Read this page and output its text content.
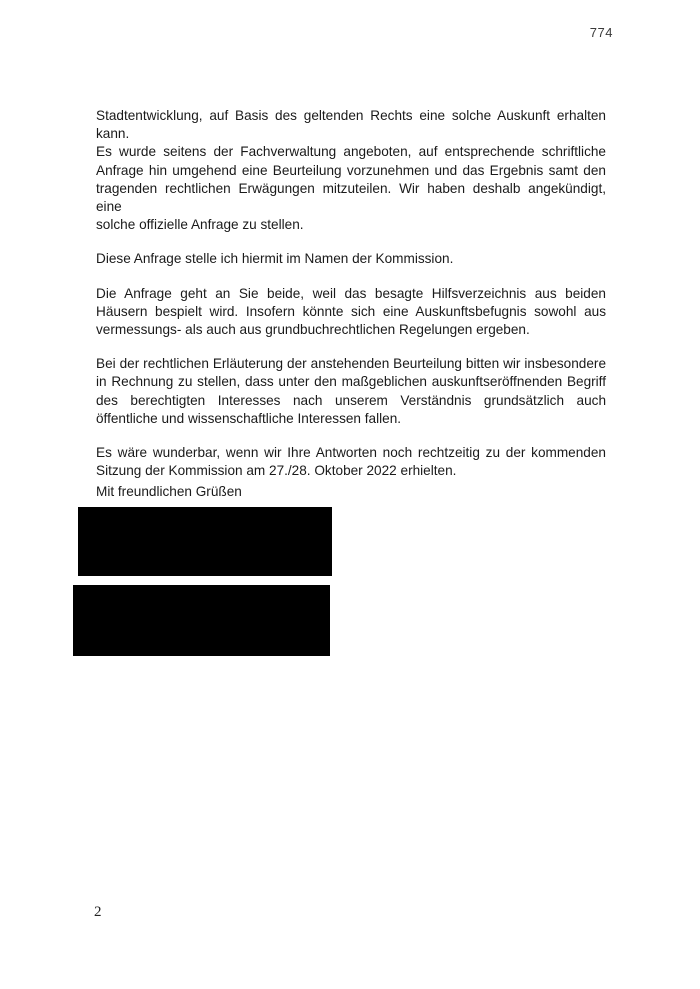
774

Stadtentwicklung, auf Basis des geltenden Rechts eine solche Auskunft erhalten
kann.
Es wurde seitens der Fachverwaltung angeboten, auf entsprechende schriftliche
Anfrage hin umgehend eine Beurteilung vorzunehmen und das Ergebnis samt den
tragenden rechtlichen Erwägungen mitzuteilen. Wir haben deshalb angekündigt, eine
solche offizielle Anfrage zu stellen.

Diese Anfrage stelle ich hiermit im Namen der Kommission.

Die Anfrage geht an Sie beide, weil das besagte Hilfsverzeichnis aus beiden
Häusern bespielt wird. Insofern könnte sich eine Auskunftsbefugnis sowohl aus
vermessungs- als auch aus grundbuchrechtlichen Regelungen ergeben.

Bei der rechtlichen Erläuterung der anstehenden Beurteilung bitten wir insbesondere
in Rechnung zu stellen, dass unter den maßgeblichen auskunftseröffnenden Begriff
des berechtigten Interesses nach unserem Verständnis grundsätzlich auch
öffentliche und wissenschaftliche Interessen fallen.

Es wäre wunderbar, wenn wir Ihre Antworten noch rechtzeitig zu der kommenden
Sitzung der Kommission am 27./28. Oktober 2022 erhielten.

Mit freundlichen Grüßen
2
